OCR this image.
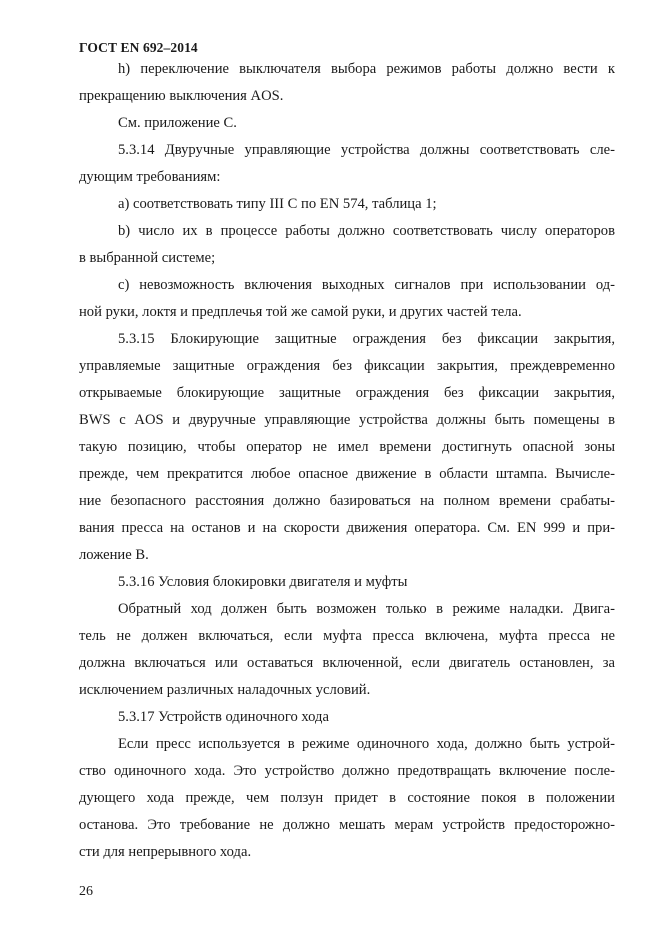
ГОСТ EN 692–2014
h) переключение выключателя выбора режимов работы должно вести к
прекращению выключения AOS.
См. приложение С.
5.3.14 Двуручные управляющие устройства должны соответствовать сле-
дующим требованиям:
а) соответствовать типу III С по EN 574, таблица 1;
b) число их в процессе работы должно соответствовать числу операторов
в выбранной системе;
с) невозможность включения выходных сигналов при использовании од-
ной руки, локтя и предплечья той же самой руки, и других частей тела.
5.3.15 Блокирующие защитные ограждения без фиксации закрытия,
управляемые защитные ограждения без фиксации закрытия, преждевременно
открываемые блокирующие защитные ограждения без фиксации закрытия,
BWS с AOS и двуручные управляющие устройства должны быть помещены в
такую позицию, чтобы оператор не имел времени достигнуть опасной зоны
прежде, чем прекратится любое опасное движение в области штампа. Вычисле-
ние безопасного расстояния должно базироваться на полном времени срабаты-
вания пресса на останов и на скорости движения оператора. См. EN 999 и при-
ложение В.
5.3.16 Условия блокировки двигателя и муфты
Обратный ход должен быть возможен только в режиме наладки. Двига-
тель не должен включаться, если муфта пресса включена, муфта пресса не
должна включаться или оставаться включенной, если двигатель остановлен, за
исключением различных наладочных условий.
5.3.17 Устройств одиночного хода
Если пресс используется в режиме одиночного хода, должно быть устрой-
ство одиночного хода. Это устройство должно предотвращать включение после-
дующего хода прежде, чем ползун придет в состояние покоя в положении
останова. Это требование не должно мешать мерам устройств предосторожно-
сти для непрерывного хода.
26
